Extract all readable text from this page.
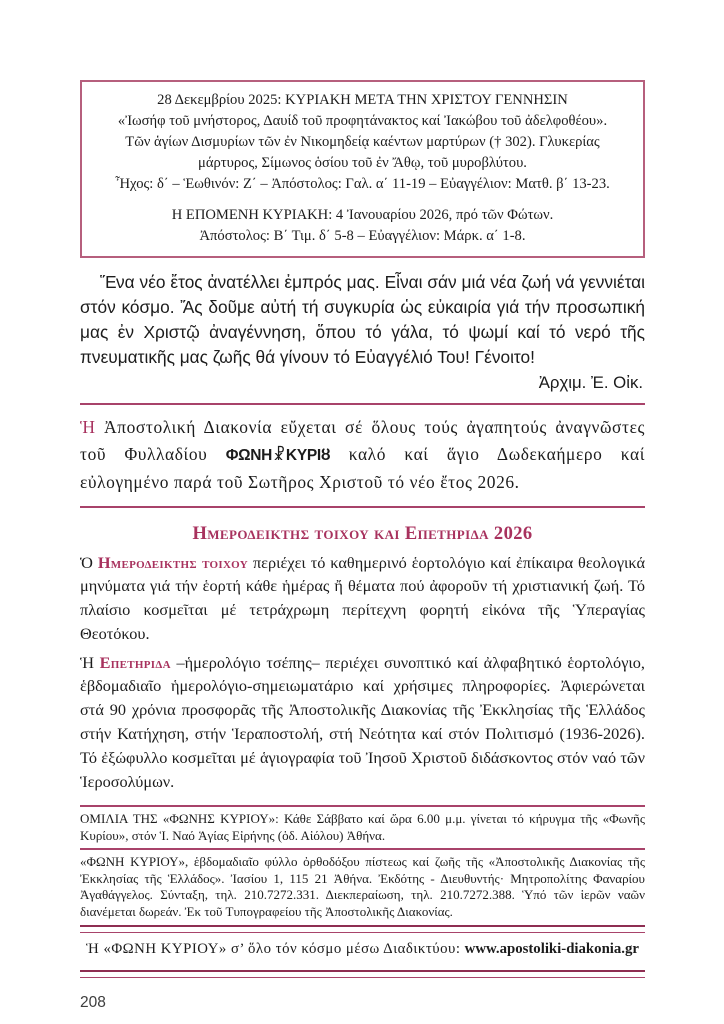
28 Δεκεμβρίου 2025: ΚΥΡΙΑΚΗ ΜΕΤΑ ΤΗΝ ΧΡΙΣΤΟΥ ΓΕΝΝΗΣΙΝ
«Ἰωσήφ τοῦ μνήστορος, Δαυίδ τοῦ προφητάνακτος καί Ἰακώβου τοῦ ἀδελφοθέου».
Τῶν ἁγίων Δισμυρίων τῶν ἐν Νικομηδείᾳ καέντων μαρτύρων († 302). Γλυκερίας
μάρτυρος, Σίμωνος ὁσίου τοῦ ἐν Ἄθῳ, τοῦ μυροβλύτου.
Ἦχος: δ΄ – Ἑωθινόν: Ζ΄ – Ἀπόστολος: Γαλ. α΄ 11-19 – Εὐαγγέλιον: Ματθ. β΄ 13-23.
Η ΕΠΟΜΕΝΗ ΚΥΡΙΑΚΗ: 4 Ἰανουαρίου 2026, πρό τῶν Φώτων.
Ἀπόστολος: Β΄ Τιμ. δ΄ 5-8 – Εὐαγγέλιον: Μάρκ. α΄ 1-8.

Ἕνα νέο ἔτος ἀνατέλλει ἐμπρός μας. Εἶναι σάν μιά νέα ζωή νά γεννιέται στόν κόσμο. Ἄς δοῦμε αὐτή τή συγκυρία ὡς εὐκαιρία γιά τήν προσωπική μας ἐν Χριστῷ ἀναγέννηση, ὅπου τό γάλα, τό ψωμί καί τό νερό τῆς πνευματικῆς μας ζωῆς θά γίνουν τό Εὐαγγέλιό Του! Γένοιτο!

Ἀρχιμ. Ἐ. Οἰκ.

Ἡ Ἀποστολική Διακονία εὔχεται σέ ὅλους τούς ἀγαπητούς ἀναγνῶστες τοῦ Φυλλαδίου ΦΩΝΗ☧ΚΥΡΙȣ καλό καί ἅγιο Δωδεκαήμερο καί εὐλογημένο παρά τοῦ Σωτῆρος Χριστοῦ τό νέο ἔτος 2026.

Ημεροδεικτης τοιχου και Επετηριδα 2026

Ὁ Ημεροδεικτης τοιχου περιέχει τό καθημερινό ἑορτολόγιο καί ἐπίκαιρα θεολογικά μηνύματα γιά τήν ἑορτή κάθε ἡμέρας ἤ θέματα πού ἀφοροῦν τή χριστιανική ζωή. Τό πλαίσιο κοσμεῖται μέ τετράχρωμη περίτεχνη φορητή εἰκόνα τῆς Ὑπεραγίας Θεοτόκου.

Ἡ Επετηριδα –ἡμερολόγιο τσέπης– περιέχει συνοπτικό καί ἀλφαβητικό ἑορτολόγιο, ἑβδομαδιαῖο ἡμερολόγιο-σημειωματάριο καί χρήσιμες πληροφορίες. Ἀφιερώνεται στά 90 χρόνια προσφορᾶς τῆς Ἀποστολικῆς Διακονίας τῆς Ἐκκλησίας τῆς Ἑλλάδος στήν Κατήχηση, στήν Ἱεραποστολή, στή Νεότητα καί στόν Πολιτισμό (1936-2026). Τό ἐξώφυλλο κοσμεῖται μέ ἁγιογραφία τοῦ Ἰησοῦ Χριστοῦ διδάσκοντος στόν ναό τῶν Ἱεροσολύμων.

ΟΜΙΛΙΑ ΤΗΣ «ΦΩΝΗΣ ΚΥΡΙΟΥ»: Κάθε Σάββατο καί ὥρα 6.00 μ.μ. γίνεται τό κήρυγμα τῆς «Φωνῆς Κυρίου», στόν Ἱ. Ναό Ἁγίας Εἰρήνης (ὁδ. Αἰόλου) Ἀθήνα.

«ΦΩΝΗ ΚΥΡΙΟΥ», ἑβδομαδιαῖο φύλλο ὀρθοδόξου πίστεως καί ζωῆς τῆς «Ἀποστολικῆς Διακονίας τῆς Ἐκκλησίας τῆς Ἑλλάδος». Ἰασίου 1, 115 21 Ἀθήνα. Ἐκδότης - Διευθυντής· Μητροπολίτης Φαναρίου Ἀγαθάγγελος. Σύνταξη, τηλ. 210.7272.331. Διεκπεραίωση, τηλ. 210.7272.388. Ὑπό τῶν ἱερῶν ναῶν διανέμεται δωρεάν. Ἐκ τοῦ Τυπογραφείου τῆς Ἀποστολικῆς Διακονίας.

Ἡ «ΦΩΝΗ ΚΥΡΙΟΥ» σ’ ὅλο τόν κόσμο μέσω Διαδικτύου: www.apostoliki-diakonia.gr

208
